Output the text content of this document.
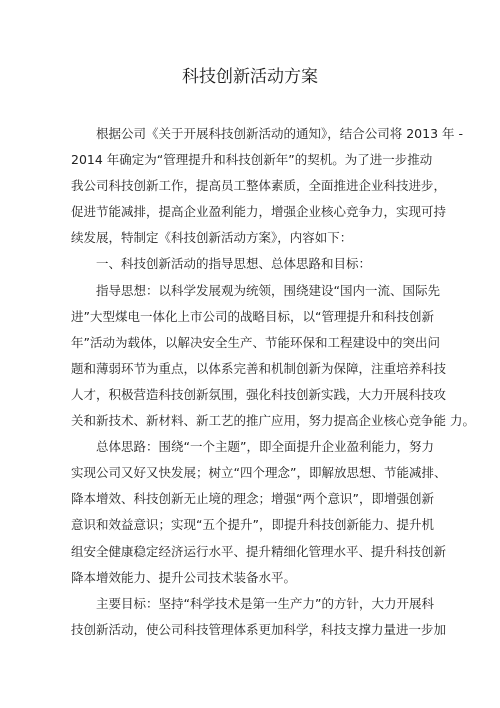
科技创新活动方案
根据公司《关于开展科技创新活动的通知》，结合公司将 2013 年 -
2014 年确定为“管理提升和科技创新年”的契机。为了进一步推动
我公司科技创新工作，提高员工整体素质，全面推进企业科技进步，
促进节能减排，提高企业盈利能力，增强企业核心竞争力，实现可持
续发展，特制定《科技创新活动方案》，内容如下：
一、科技创新活动的指导思想、总体思路和目标：
指导思想：以科学发展观为统领，围绕建设“国内一流、国际先
进”大型煤电一体化上市公司的战略目标，以“管理提升和科技创新
年”活动为载体，以解决安全生产、节能环保和工程建设中的突出问
题和薄弱环节为重点，以体系完善和机制创新为保障，注重培养科技
人才，积极营造科技创新氛围，强化科技创新实践，大力开展科技攻
关和新技术、新材料、新工艺的推广应用，努力提高企业核心竞争能 力。
总体思路：围绕“一个主题”，即全面提升企业盈利能力，努力
实现公司又好又快发展；树立“四个理念”，即解放思想、节能减排、
降本增效、科技创新无止境的理念；增强“两个意识”，即增强创新
意识和效益意识；实现“五个提升”，即提升科技创新能力、提升机
组安全健康稳定经济运行水平、提升精细化管理水平、提升科技创新
降本增效能力、提升公司技术装备水平。
主要目标：坚持“科学技术是第一生产力”的方针，大力开展科
技创新活动，使公司科技管理体系更加科学，科技支撑力量进一步加
